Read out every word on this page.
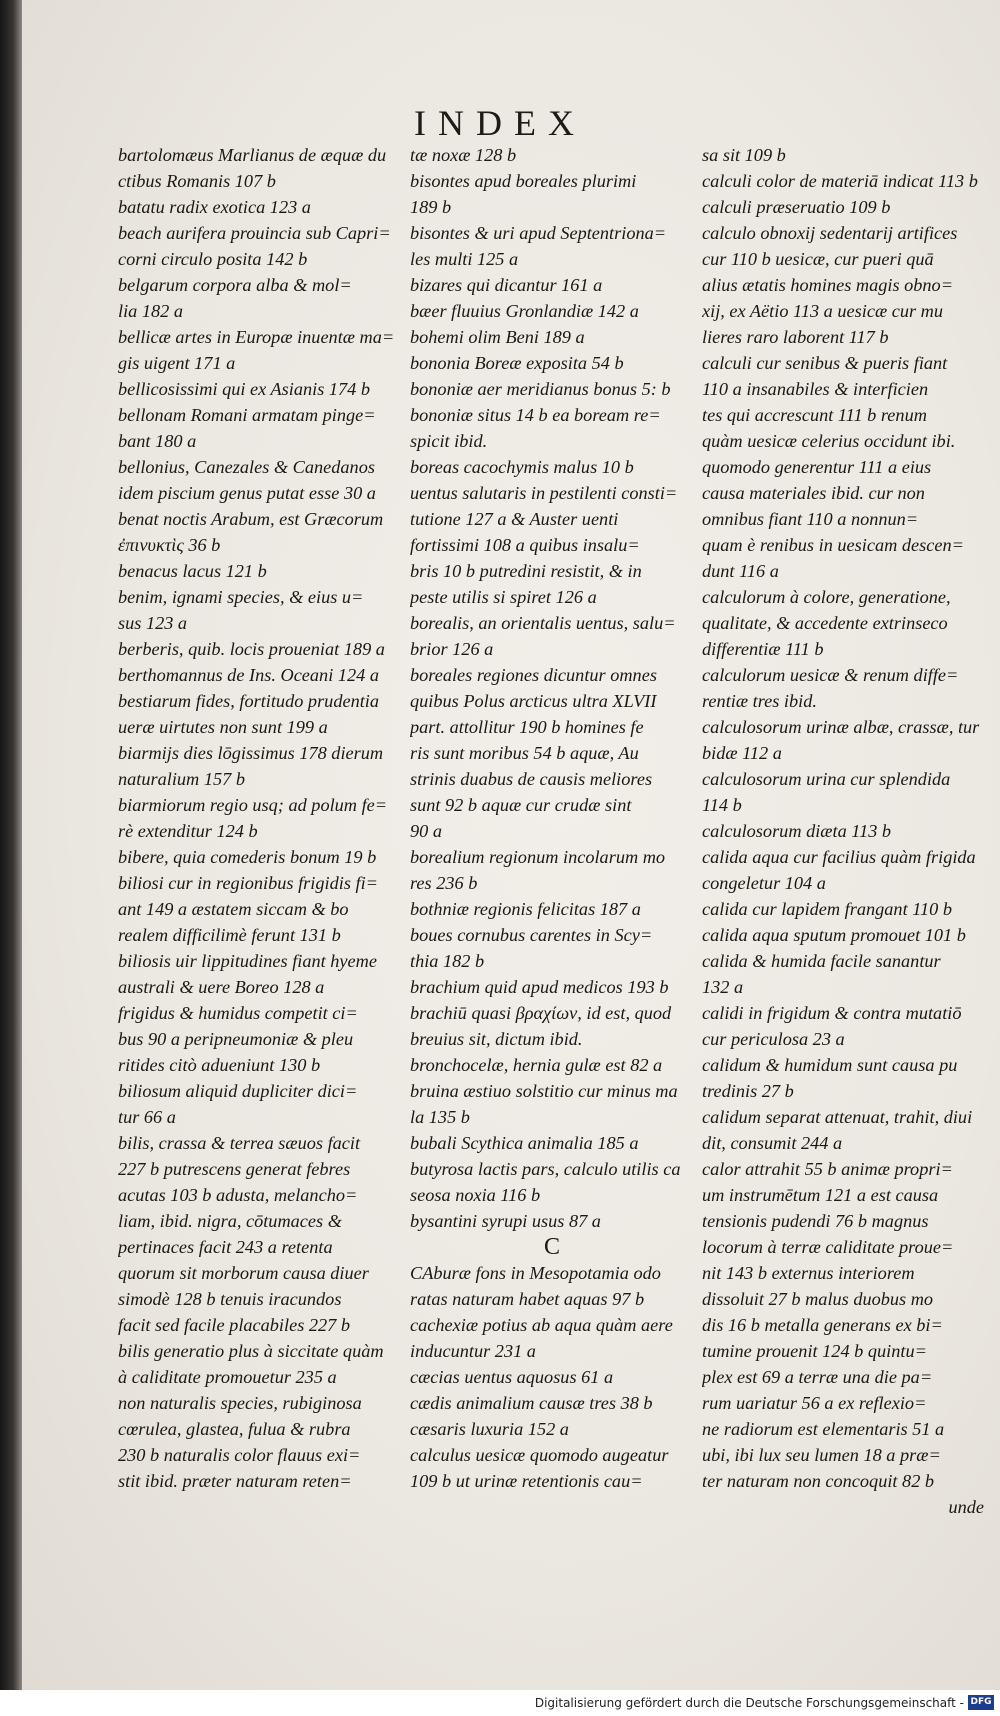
INDEX
bartolomæus Marlianus de æquæ du
ctibus Romanis 107 b
batatu radix exotica 123 a
beach aurifera prouincia sub Capri=
corni circulo posita 142 b
belgarum corpora alba & mol=
lia 182 a
bellicæ artes in Europæ inuentæ ma=
gis uigent 171 a
bellicosissimi qui ex Asianis 174 b
bellonam Romani armatam pinge=
bant 180 a
bellonius, Canezales & Canedanos
idem piscium genus putat esse 30 a
benat noctis Arabum, est Græcorum
ἐπινυκτὶς 36 b
benacus lacus 121 b
benim, ignami species, & eius u=
sus 123 a
berberis, quib. locis proueniat 189 a
berthomannus de Ins. Oceani 124 a
bestiarum fides, fortitudo prudentia
ueræ uirtutes non sunt 199 a
biarmijs dies lōgissimus 178 dierum
naturalium 157 b
biarmiorum regio usq; ad polum fe=
rè extenditur 124 b
bibere, quia comederis bonum 19 b
biliosi cur in regionibus frigidis fi=
ant 149 a æstatem siccam & bo
realem difficilimè ferunt 131 b
biliosis uir lippitudines fiant hyeme
australi & uere Boreo 128 a
frigidus & humidus competit ci=
bus 90 a peripneumoniæ & pleu
ritides citò adueniunt 130 b
biliosum aliquid dupliciter dici=
tur 66 a
bilis, crassa & terrea sæuos facit
227 b putrescens generat febres
acutas 103 b adusta, melancho=
liam, ibid. nigra, cōtumaces &
pertinaces facit 243 a retenta
quorum sit morborum causa diuer
simodè 128 b tenuis iracundos
facit sed facile placabiles 227 b
bilis generatio plus à siccitate quàm
à caliditate promouetur 235 a
non naturalis species, rubiginosa
cœrulea, glastea, fulua & rubra
230 b naturalis color flauus exi=
stit ibid. præter naturam reten=
tæ noxæ 128 b
bisontes apud boreales plurimi
189 b
bisontes & uri apud Septentriona=
les multi 125 a
bizares qui dicantur 161 a
bæer fluuius Gronlandiæ 142 a
bohemi olim Beni 189 a
bononia Boreæ exposita 54 b
bononiæ aer meridianus bonus 5: b
bononiæ situs 14 b ea boream re=
spicit ibid.
boreas cacochymis malus 10 b
uentus salutaris in pestilenti consti=
tutione 127 a & Auster uenti
fortissimi 108 a quibus insalu=
bris 10 b putredini resistit, & in
peste utilis si spiret 126 a
borealis, an orientalis uentus, salu=
brior 126 a
boreales regiones dicuntur omnes
quibus Polus arcticus ultra XLVII
part. attollitur 190 b homines fe
ris sunt moribus 54 b aquæ, Au
strinis duabus de causis meliores
sunt 92 b aquæ cur crudæ sint
90 a
borealium regionum incolarum mo
res 236 b
bothniæ regionis felicitas 187 a
boues cornubus carentes in Scy=
thia 182 b
brachium quid apud medicos 193 b
brachiū quasi βραχίων, id est, quod
breuius sit, dictum ibid.
bronchocelæ, hernia gulæ est 82 a
bruina æstiuo solstitio cur minus ma
la 135 b
bubali Scythica animalia 185 a
butyrosa lactis pars, calculo utilis ca
seosa noxia 116 b
bysantini syrupi usus 87 a
C
CAburæ fons in Mesopotamia odo
ratas naturam habet aquas 97 b
cachexiæ potius ab aqua quàm aere
inducuntur 231 a
cæcias uentus aquosus 61 a
cædis animalium causæ tres 38 b
cæsaris luxuria 152 a
calculus uesicæ quomodo augeatur
109 b ut urinæ retentionis cau=
sa sit 109 b
calculi color de materiā indicat 113 b
calculi præseruatio 109 b
calculo obnoxij sedentarij artifices
cur 110 b uesicæ, cur pueri quā
alius ætatis homines magis obno=
xij, ex Aëtio 113 a uesicæ cur mu
lieres raro laborent 117 b
calculi cur senibus & pueris fiant
110 a insanabiles & interficien
tes qui accrescunt 111 b renum
quàm uesicæ celerius occidunt ibi.
quomodo generentur 111 a eius
causa materiales ibid. cur non
omnibus fiant 110 a nonnun=
quam è renibus in uesicam descen=
dunt 116 a
calculorum à colore, generatione,
qualitate, & accedente extrinseco
differentiæ 111 b
calculorum uesicæ & renum diffe=
rentiæ tres ibid.
calculosorum urinæ albæ, crassæ, tur
bidæ 112 a
calculosorum urina cur splendida
114 b
calculosorum diæta 113 b
calida aqua cur facilius quàm frigida
congeletur 104 a
calida cur lapidem frangant 110 b
calida aqua sputum promouet 101 b
calida & humida facile sanantur
132 a
calidi in frigidum & contra mutatiō
cur periculosa 23 a
calidum & humidum sunt causa pu
tredinis 27 b
calidum separat attenuat, trahit, diui
dit, consumit 244 a
calor attrahit 55 b animæ propri=
um instrumētum 121 a est causa
tensionis pudendi 76 b magnus
locorum à terræ caliditate proue=
nit 143 b externus interiorem
dissoluit 27 b malus duobus mo
dis 16 b metalla generans ex bi=
tumine prouenit 124 b quintu=
plex est 69 a terræ una die pa=
rum uariatur 56 a ex reflexio=
ne radiorum est elementaris 51 a
ubi, ibi lux seu lumen 18 a præ=
ter naturam non concoquit 82 b
unde
Digitalisierung gefördert durch die Deutsche Forschungsgemeinschaft - DFG
